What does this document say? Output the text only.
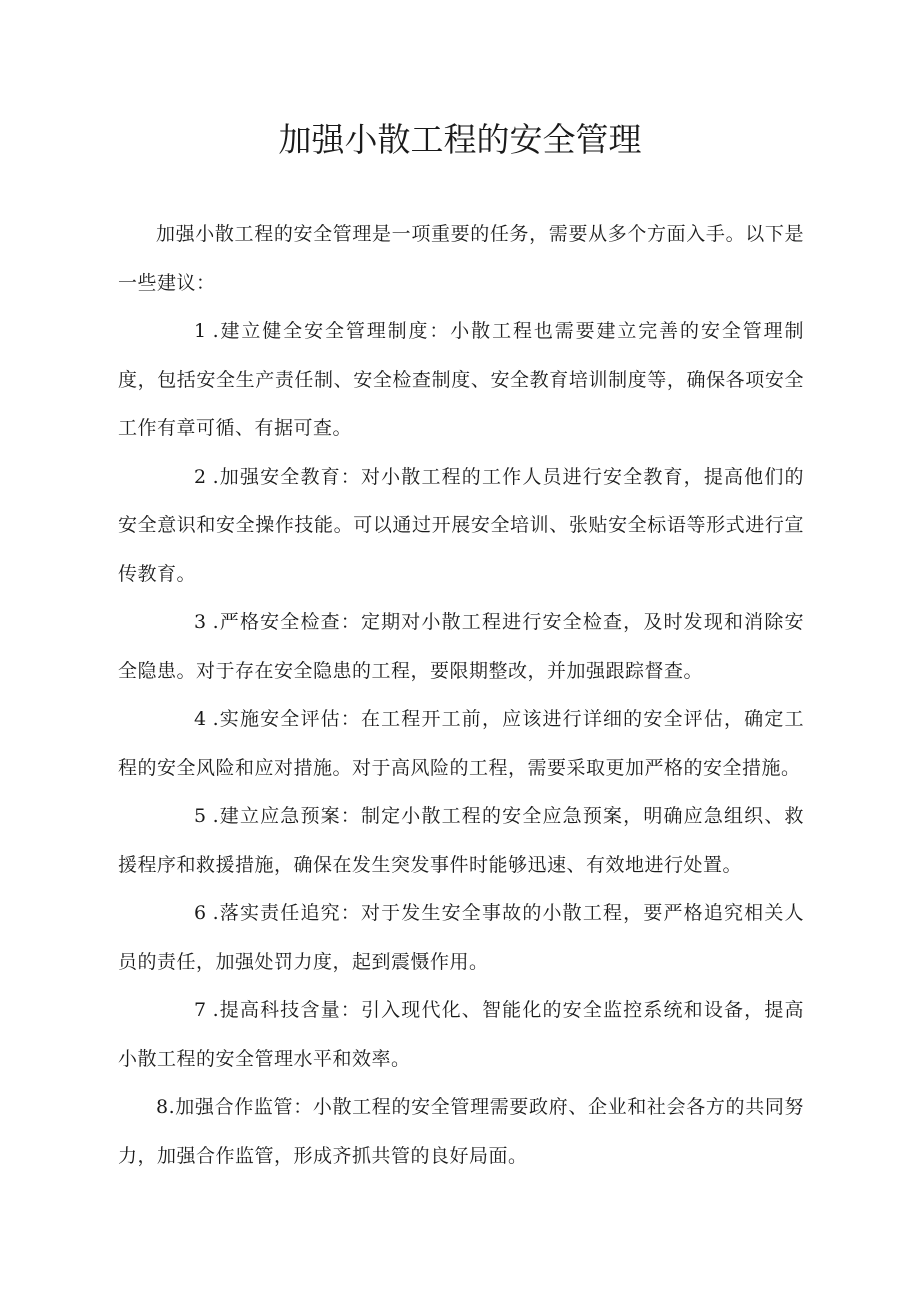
加强小散工程的安全管理

加强小散工程的安全管理是一项重要的任务，需要从多个方面入手。以下是一些建议：

1 .建立健全安全管理制度：小散工程也需要建立完善的安全管理制度，包括安全生产责任制、安全检查制度、安全教育培训制度等，确保各项安全工作有章可循、有据可查。

2 .加强安全教育：对小散工程的工作人员进行安全教育，提高他们的安全意识和安全操作技能。可以通过开展安全培训、张贴安全标语等形式进行宣传教育。

3 .严格安全检查：定期对小散工程进行安全检查，及时发现和消除安全隐患。对于存在安全隐患的工程，要限期整改，并加强跟踪督查。

4 .实施安全评估：在工程开工前，应该进行详细的安全评估，确定工程的安全风险和应对措施。对于高风险的工程，需要采取更加严格的安全措施。

5 .建立应急预案：制定小散工程的安全应急预案，明确应急组织、救援程序和救援措施，确保在发生突发事件时能够迅速、有效地进行处置。

6 .落实责任追究：对于发生安全事故的小散工程，要严格追究相关人员的责任，加强处罚力度，起到震慑作用。

7 .提高科技含量：引入现代化、智能化的安全监控系统和设备，提高小散工程的安全管理水平和效率。

8.加强合作监管：小散工程的安全管理需要政府、企业和社会各方的共同努力，加强合作监管，形成齐抓共管的良好局面。
